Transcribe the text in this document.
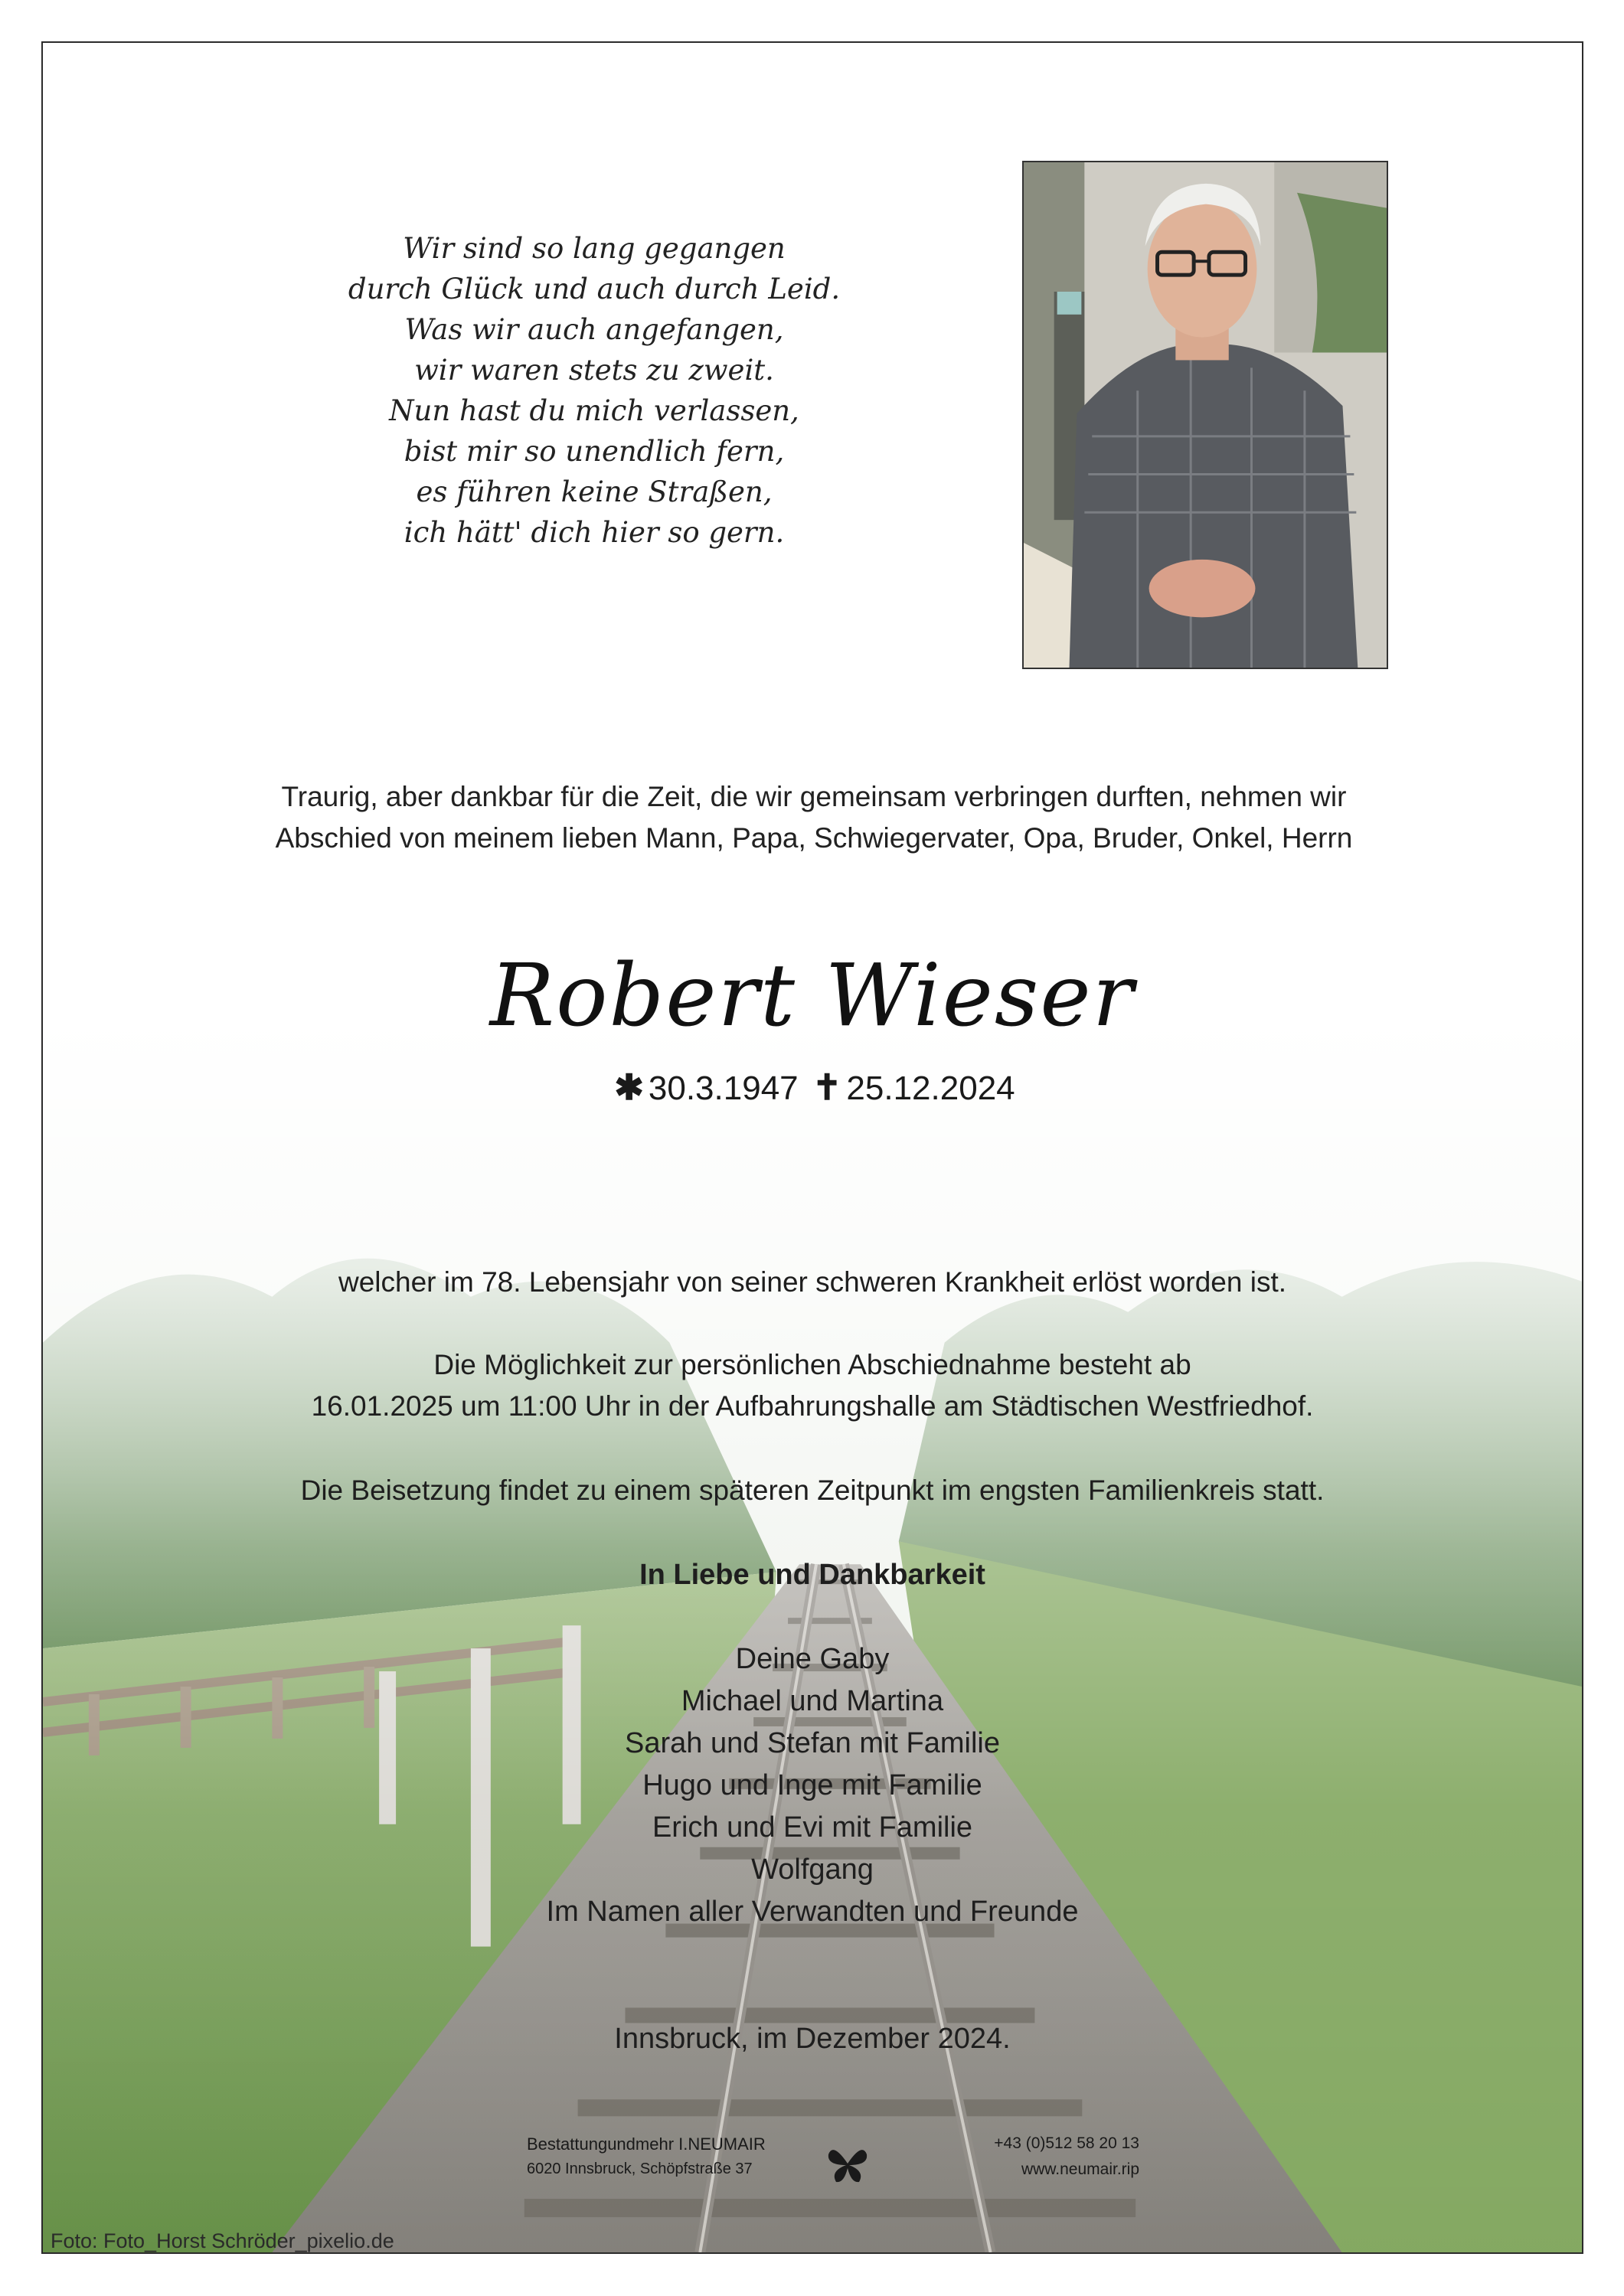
Wir sind so lang gegangen
durch Glück und auch durch Leid.
Was wir auch angefangen,
wir waren stets zu zweit.
Nun hast du mich verlassen,
bist mir so unendlich fern,
es führen keine Straßen,
ich hätt' dich hier so gern.
Traurig, aber dankbar für die Zeit, die wir gemeinsam verbringen durften, nehmen wir
Abschied von meinem lieben Mann, Papa, Schwiegervater, Opa, Bruder, Onkel, Herrn
Robert Wieser
✱ 30.3.1947 ✝ 25.12.2024
welcher im 78. Lebensjahr von seiner schweren Krankheit erlöst worden ist.
Die Möglichkeit zur persönlichen Abschiednahme besteht ab
16.01.2025 um 11:00 Uhr in der Aufbahrungshalle am Städtischen Westfriedhof.
Die Beisetzung findet zu einem späteren Zeitpunkt im engsten Familienkreis statt.
In Liebe und Dankbarkeit
Deine Gaby
Michael und Martina
Sarah und Stefan mit Familie
Hugo und Inge mit Familie
Erich und Evi mit Familie
Wolfgang
Im Namen aller Verwandten und Freunde
Innsbruck, im Dezember 2024.
Bestattungundmehr I.NEUMAIR
6020 Innsbruck, Schöpfstraße 37
+43 (0)512 58 20 13
www.neumair.rip
Foto: Foto_Horst Schröder_pixelio.de
